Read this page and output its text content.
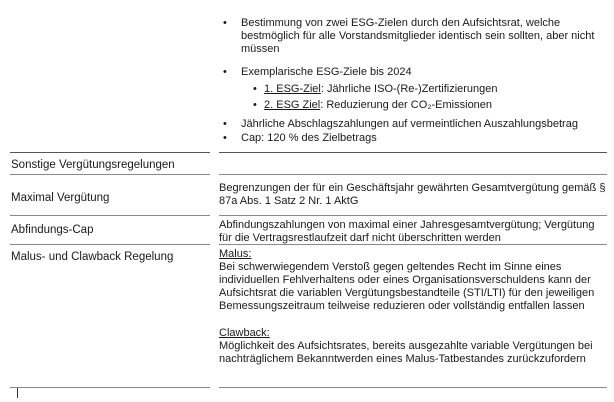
• Bestimmung von zwei ESG-Zielen durch den Aufsichtsrat, welche bestmöglich für alle Vorstandsmitglieder identisch sein sollten, aber nicht müssen
• Exemplarische ESG-Ziele bis 2024
• 1. ESG-Ziel: Jährliche ISO-(Re-)Zertifizierungen
• 2. ESG Ziel: Reduzierung der CO₂-Emissionen
• Jährliche Abschlagszahlungen auf vermeintlichen Auszahlungsbetrag
• Cap: 120 % des Zielbetrags
Sonstige Vergütungsregelungen
Maximal Vergütung
Begrenzungen der für ein Geschäftsjahr gewährten Gesamtvergütung gemäß § 87a Abs. 1 Satz 2 Nr. 1 AktG
Abfindungs-Cap	Abfindungszahlungen von maximal einer Jahresgesamtvergütung; Vergütung für die Vertragsrestlaufzeit darf nicht überschritten werden
Malus- und Clawback Regelung	Malus:
Bei schwerwiegendem Verstoß gegen geltendes Recht im Sinne eines individuellen Fehlverhaltens oder eines Organisationsverschuldens kann der Aufsichtsrat die variablen Vergütungsbestandteile (STI/LTI) für den jeweiligen Bemessungszeitraum teilweise reduzieren oder vollständig entfallen lassen
Clawback:
Möglichkeit des Aufsichtsrates, bereits ausgezahlte variable Vergütungen bei nachträglichem Bekanntwerden eines Malus-Tatbestandes zurückzufordern
